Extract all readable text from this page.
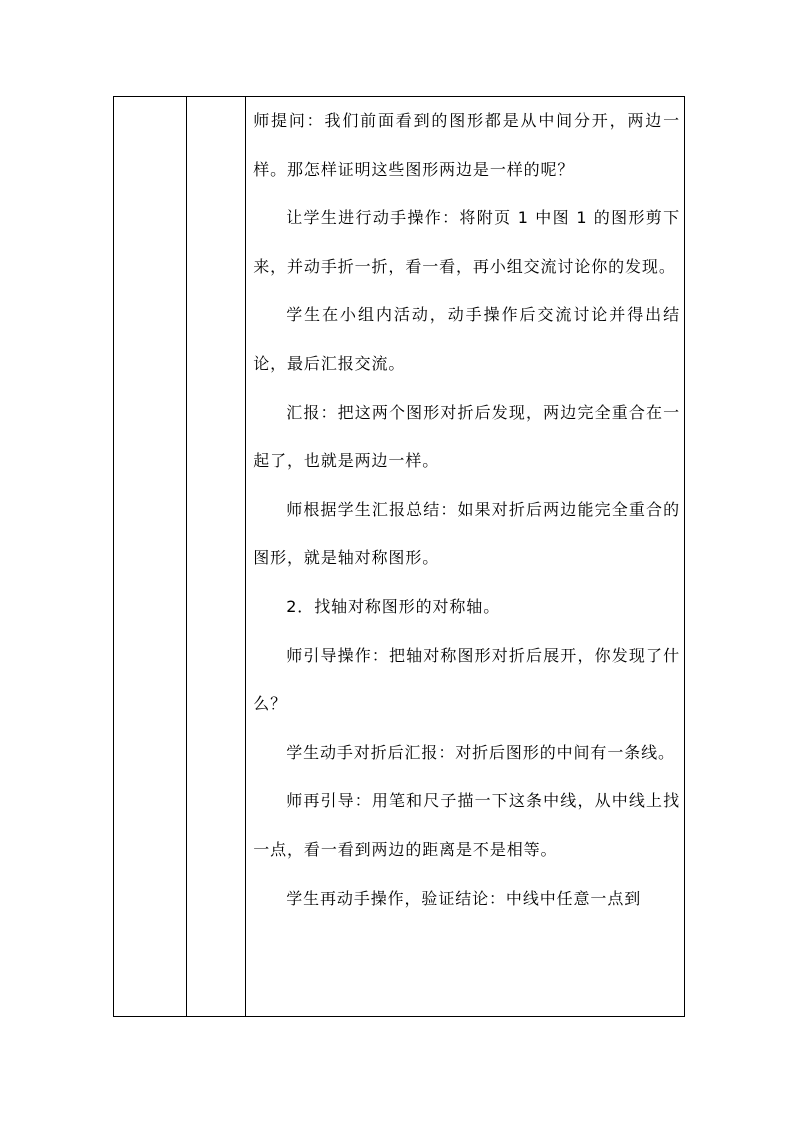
师提问：我们前面看到的图形都是从中间分开，两边一样。那怎样证明这些图形两边是一样的呢？

让学生进行动手操作：将附页 1 中图 1 的图形剪下来，并动手折一折，看一看，再小组交流讨论你的发现。

学生在小组内活动，动手操作后交流讨论并得出结论，最后汇报交流。

汇报：把这两个图形对折后发现，两边完全重合在一起了，也就是两边一样。

师根据学生汇报总结：如果对折后两边能完全重合的图形，就是轴对称图形。

2．找轴对称图形的对称轴。

师引导操作：把轴对称图形对折后展开，你发现了什么？

学生动手对折后汇报：对折后图形的中间有一条线。

师再引导：用笔和尺子描一下这条中线，从中线上找一点，看一看到两边的距离是不是相等。

学生再动手操作，验证结论：中线中任意一点到
